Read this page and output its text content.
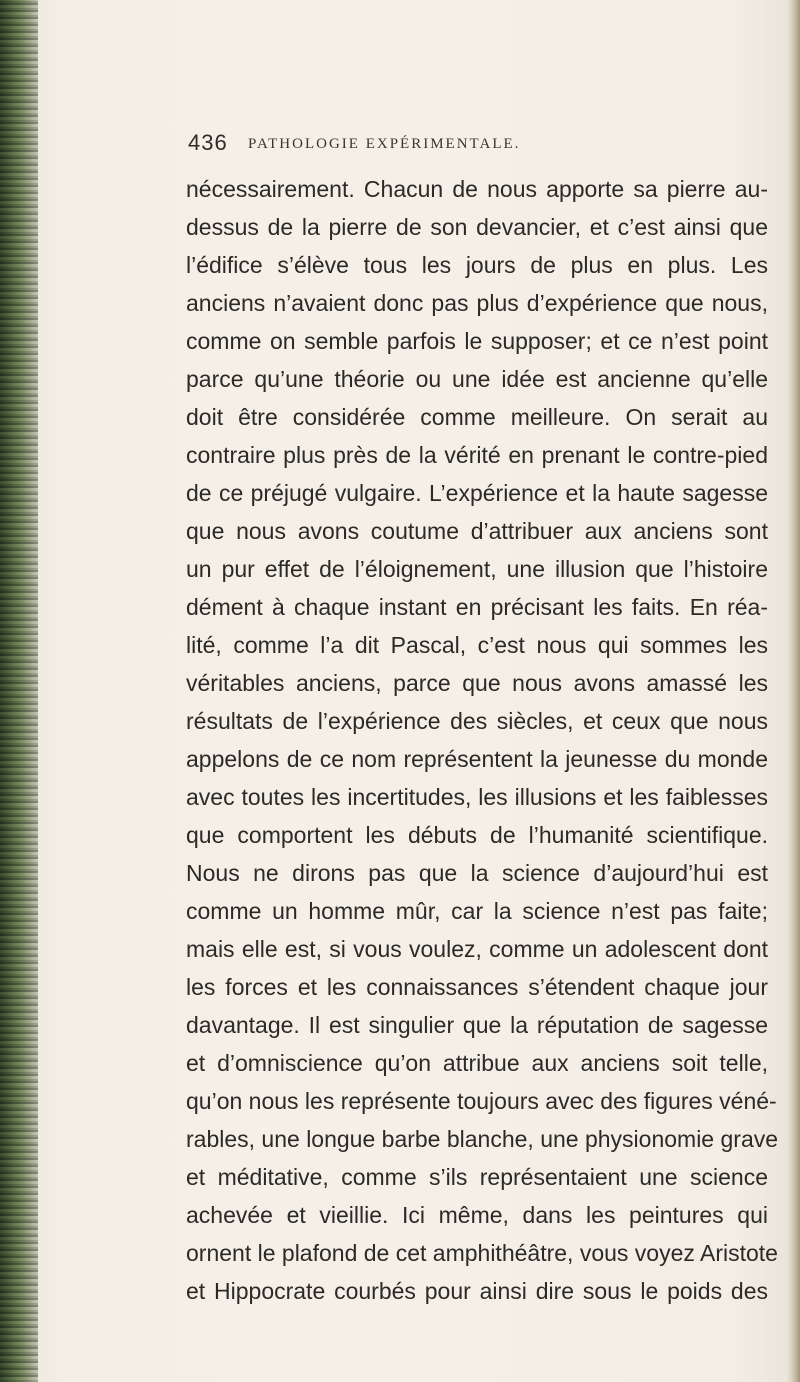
436 PATHOLOGIE EXPÉRIMENTALE.
nécessairement. Chacun de nous apporte sa pierre au-
dessus de la pierre de son devancier, et c’est ainsi que
l’édifice s’élève tous les jours de plus en plus. Les
anciens n’avaient donc pas plus d’expérience que nous,
comme on semble parfois le supposer; et ce n’est point
parce qu’une théorie ou une idée est ancienne qu’elle
doit être considérée comme meilleure. On serait au
contraire plus près de la vérité en prenant le contre-pied
de ce préjugé vulgaire. L’expérience et la haute sagesse
que nous avons coutume d’attribuer aux anciens sont
un pur effet de l’éloignement, une illusion que l’histoire
dément à chaque instant en précisant les faits. En réa-
lité, comme l’a dit Pascal, c’est nous qui sommes les
véritables anciens, parce que nous avons amassé les
résultats de l’expérience des siècles, et ceux que nous
appelons de ce nom représentent la jeunesse du monde
avec toutes les incertitudes, les illusions et les faiblesses
que comportent les débuts de l’humanité scientifique.
Nous ne dirons pas que la science d’aujourd’hui est
comme un homme mûr, car la science n’est pas faite;
mais elle est, si vous voulez, comme un adolescent dont
les forces et les connaissances s’étendent chaque jour
davantage. Il est singulier que la réputation de sagesse
et d’omniscience qu’on attribue aux anciens soit telle,
qu’on nous les représente toujours avec des figures véné-
rables, une longue barbe blanche, une physionomie grave
et méditative, comme s’ils représentaient une science
achevée et vieillie. Ici même, dans les peintures qui
ornent le plafond de cet amphithéâtre, vous voyez Aristote
et Hippocrate courbés pour ainsi dire sous le poids des
